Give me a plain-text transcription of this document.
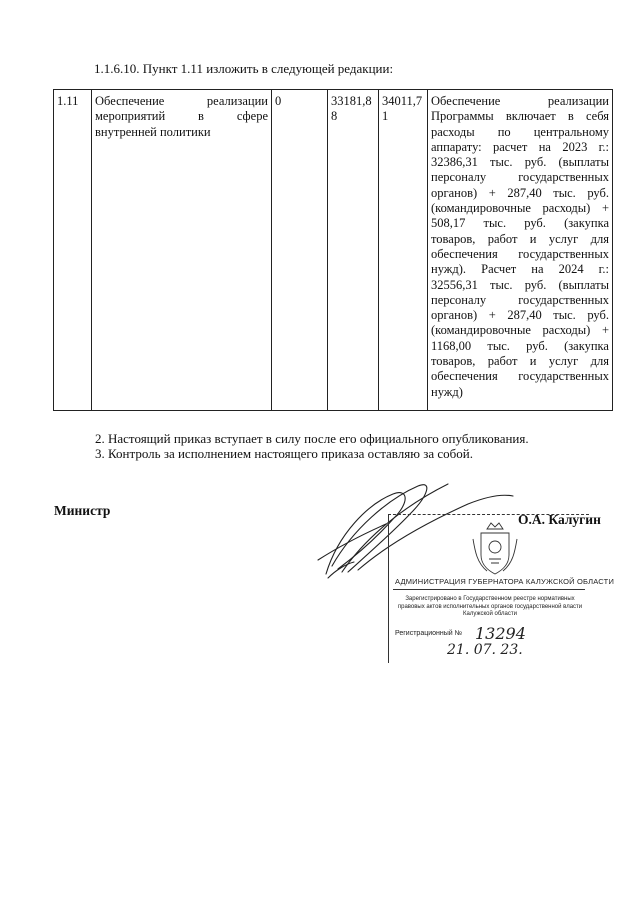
1.1.6.10. Пункт 1.11 изложить в следующей редакции:
1.11	Обеспечение реализации мероприятий в сфере внутренней политики	0	33181,88	34011,71	Обеспечение реализации Программы включает в себя расходы по центральному аппарату: расчет на 2023 г.: 32386,31 тыс. руб. (выплаты персоналу государственных органов) + 287,40 тыс. руб. (командировочные расходы) + 508,17 тыс. руб. (закупка товаров, работ и услуг для обеспечения государственных нужд). Расчет на 2024 г.: 32556,31 тыс. руб. (выплаты персоналу государственных органов) + 287,40 тыс. руб. (командировочные расходы) + 1168,00 тыс. руб. (закупка товаров, работ и услуг для обеспечения государственных нужд)
2. Настоящий приказ вступает в силу после его официального опубликования.
3. Контроль за исполнением настоящего приказа оставляю за собой.
Министр
О.А. Калугин
АДМИНИСТРАЦИЯ ГУБЕРНАТОРА КАЛУЖСКОЙ ОБЛАСТИ
Зарегистрировано в Государственном реестре нормативных правовых актов исполнительных органов государственной власти Калужской области
Регистрационный № 13294
21. 07. 23.
